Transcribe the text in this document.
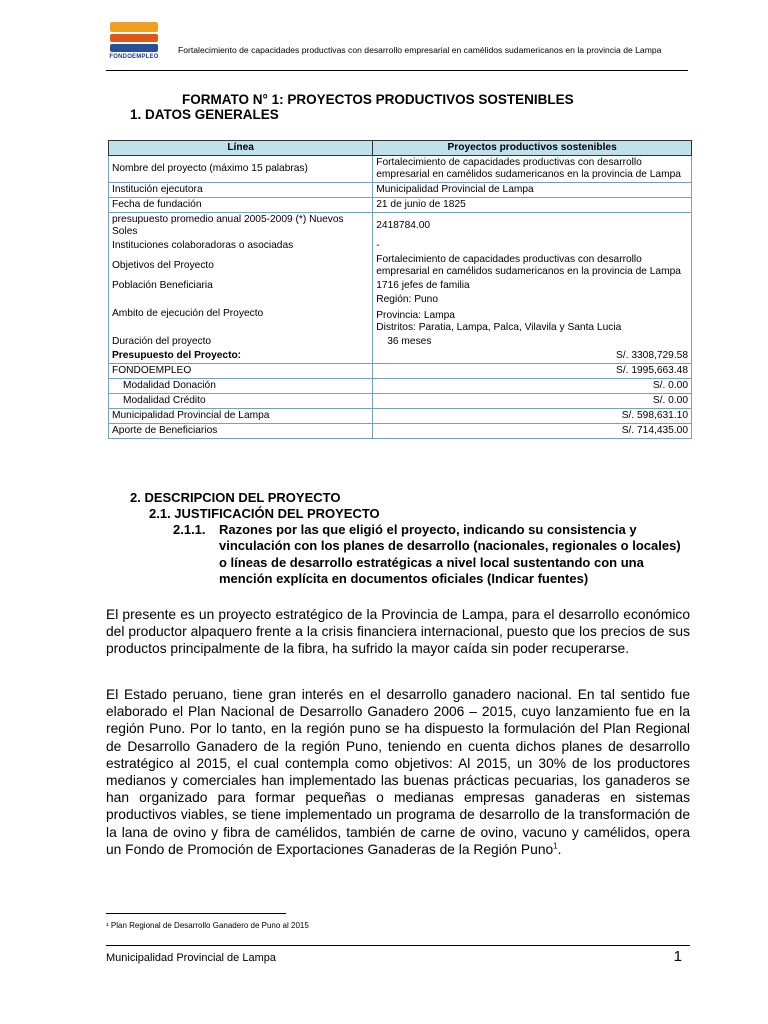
FONDOEMPLEO
Fortalecimiento de capacidades productivas con desarrollo empresarial en camélidos sudamericanos en la provincia de Lampa
FORMATO N° 1: PROYECTOS PRODUCTIVOS SOSTENIBLES
1. DATOS GENERALES
Línea	Proyectos productivos sostenibles
Nombre del proyecto (máximo 15 palabras)	Fortalecimiento de capacidades productivas con desarrollo empresarial en camélidos sudamericanos en la provincia de Lampa
Institución ejecutora	Municipalidad Provincial de Lampa
Fecha de fundación	21 de junio de 1825
presupuesto promedio anual 2005-2009 (*) Nuevos Soles	2418784.00
Instituciones colaboradoras o asociadas	-
Objetivos del Proyecto	Fortalecimiento de capacidades productivas con desarrollo empresarial en camélidos sudamericanos en la provincia de Lampa
Población Beneficiaria	1716 jefes de familia
Ambito de ejecución del Proyecto	Región: Puno
Provincia: Lampa
Distritos: Paratia, Lampa, Palca, Vilavila y Santa Lucia
Duración del proyecto	36 meses
Presupuesto del Proyecto:	S/. 3308,729.58
FONDOEMPLEO	S/. 1995,663.48
Modalidad Donación	S/. 0.00
Modalidad Crédito	S/. 0.00
Municipalidad Provincial de Lampa	S/. 598,631.10
Aporte de Beneficiarios	S/. 714,435.00
2. DESCRIPCION DEL PROYECTO
2.1. JUSTIFICACIÓN DEL PROYECTO
2.1.1. Razones por las que eligió el proyecto, indicando su consistencia y vinculación con los planes de desarrollo (nacionales, regionales o locales) o líneas de desarrollo estratégicas a nivel local sustentando con una mención explícita en documentos oficiales (Indicar fuentes)
El presente es un proyecto estratégico de la Provincia de Lampa, para el desarrollo económico del productor alpaquero frente a la crisis financiera internacional, puesto que los precios de sus productos principalmente de la fibra, ha sufrido la mayor caída sin poder recuperarse.
El Estado peruano, tiene gran interés en el desarrollo ganadero nacional. En tal sentido fue elaborado el Plan Nacional de Desarrollo Ganadero 2006 – 2015, cuyo lanzamiento fue en la región Puno. Por lo tanto, en la región puno se ha dispuesto la formulación del Plan Regional de Desarrollo Ganadero de la región Puno, teniendo en cuenta dichos planes de desarrollo estratégico al 2015, el cual contempla como objetivos: Al 2015, un 30% de los productores medianos y comerciales han implementado las buenas prácticas pecuarias, los ganaderos se han organizado para formar pequeñas o medianas empresas ganaderas en sistemas productivos viables, se tiene implementado un programa de desarrollo de la transformación de la lana de ovino y fibra de camélidos, también de carne de ovino, vacuno y camélidos, opera un Fondo de Promoción de Exportaciones Ganaderas de la Región Puno$^1$.
¹ Plan Regional de Desarrollo Ganadero de Puno al 2015
Municipalidad Provincial de Lampa	1
